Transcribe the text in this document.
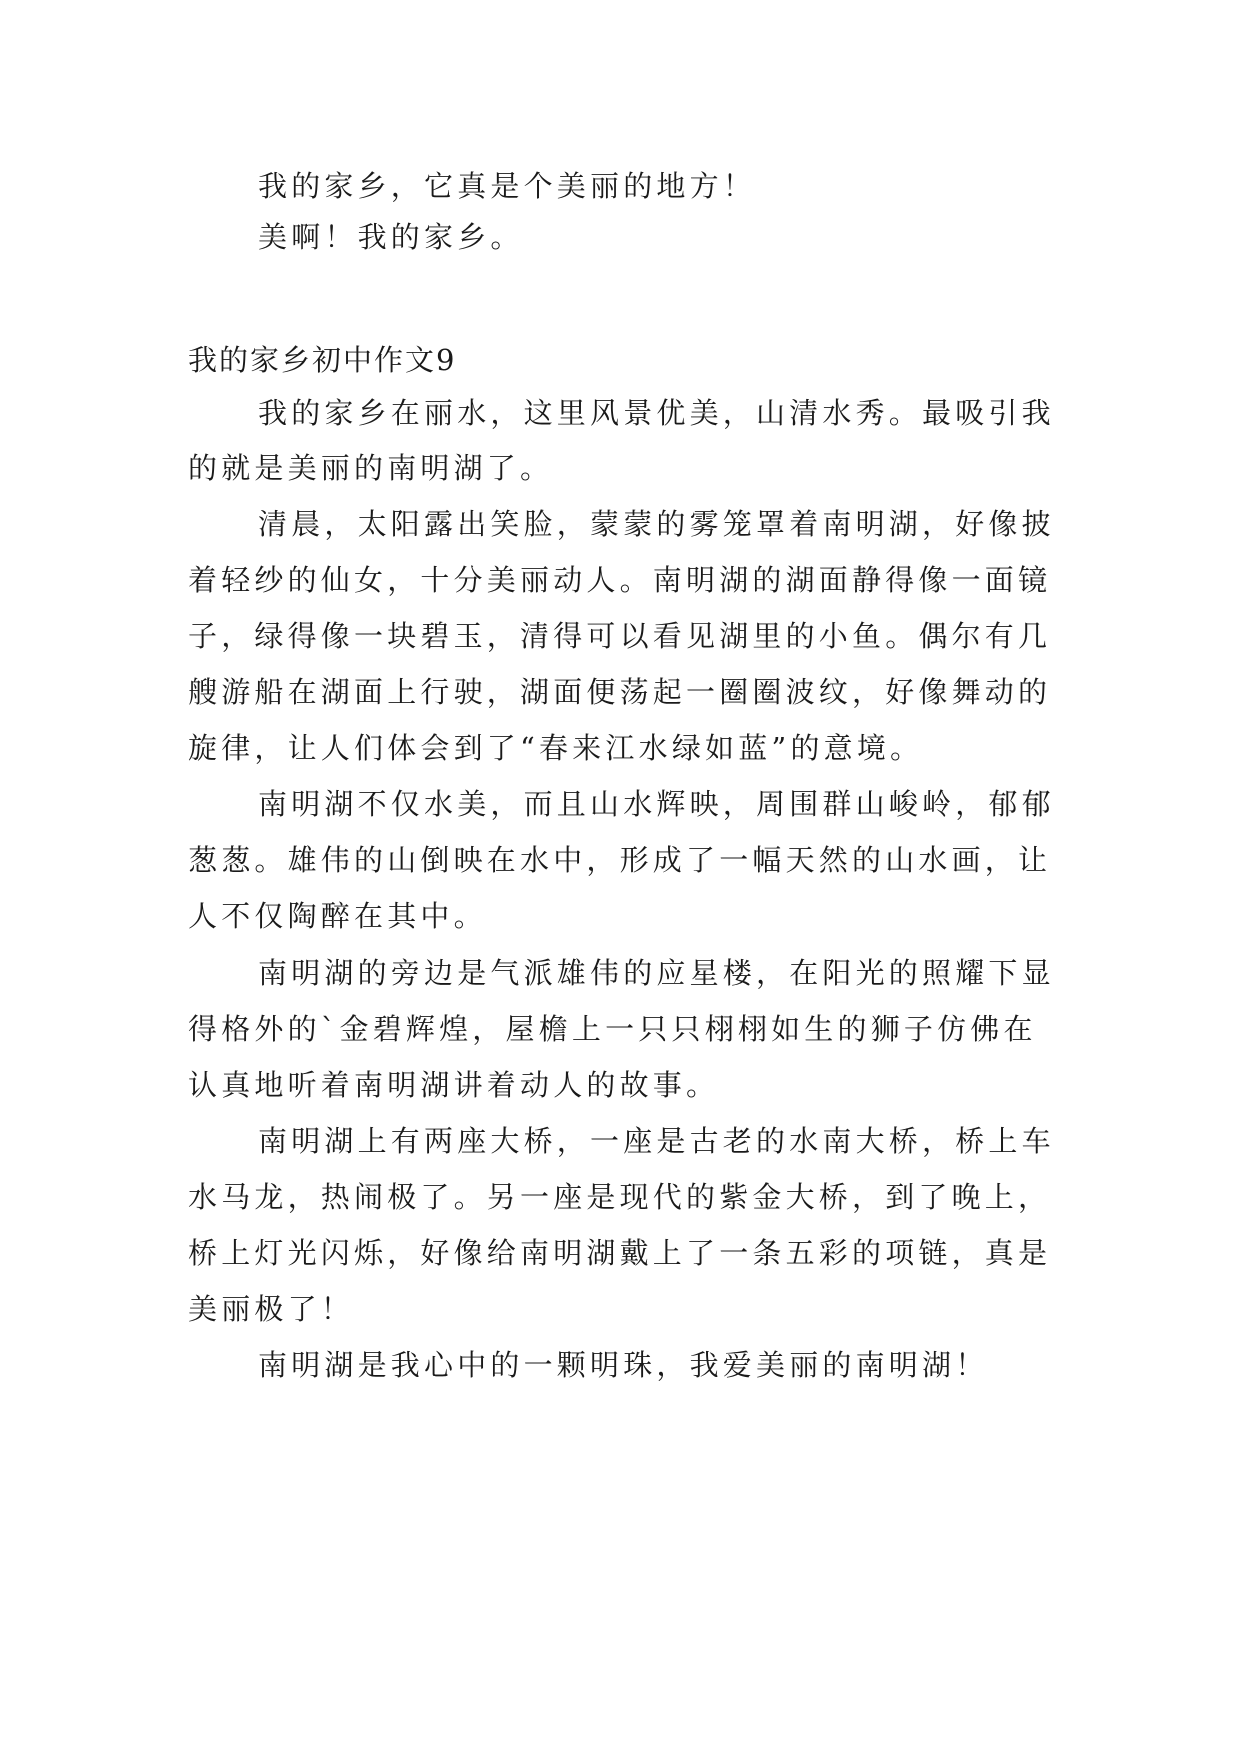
我的家乡，它真是个美丽的地方！

美啊！我的家乡。

我的家乡初中作文9

我的家乡在丽水，这里风景优美，山清水秀。最吸引我

的就是美丽的南明湖了。

清晨，太阳露出笑脸，蒙蒙的雾笼罩着南明湖，好像披

着轻纱的仙女，十分美丽动人。南明湖的湖面静得像一面镜

子，绿得像一块碧玉，清得可以看见湖里的小鱼。偶尔有几

艘游船在湖面上行驶，湖面便荡起一圈圈波纹，好像舞动的

旋律，让人们体会到了“春来江水绿如蓝”的意境。

南明湖不仅水美，而且山水辉映，周围群山峻岭，郁郁

葱葱。雄伟的山倒映在水中，形成了一幅天然的山水画，让

人不仅陶醉在其中。

南明湖的旁边是气派雄伟的应星楼，在阳光的照耀下显

得格外的`金碧辉煌，屋檐上一只只栩栩如生的狮子仿佛在

认真地听着南明湖讲着动人的故事。

南明湖上有两座大桥，一座是古老的水南大桥，桥上车

水马龙，热闹极了。另一座是现代的紫金大桥，到了晚上，

桥上灯光闪烁，好像给南明湖戴上了一条五彩的项链，真是

美丽极了！

南明湖是我心中的一颗明珠，我爱美丽的南明湖！
